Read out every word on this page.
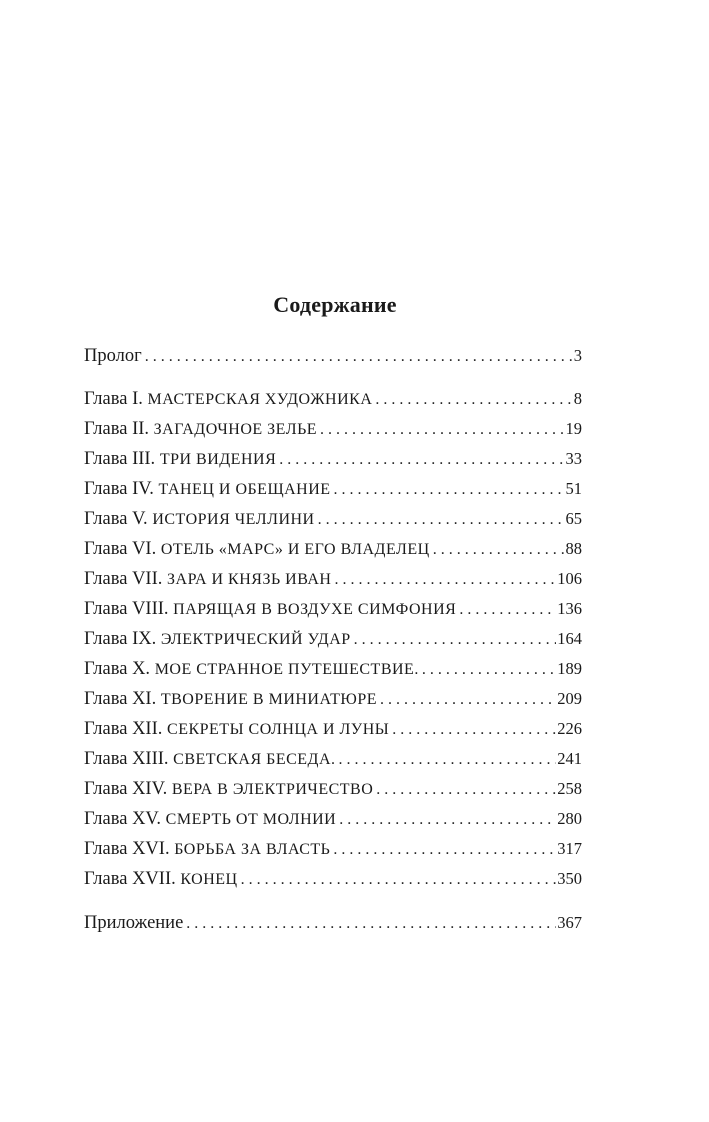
Содержание
Пролог . . .	3
Глава I. МАСТЕРСКАЯ ХУДОЖНИКА . . .	8
Глава II. ЗАГАДОЧНОЕ ЗЕЛЬЕ . . .	19
Глава III. ТРИ ВИДЕНИЯ . . .	33
Глава IV. ТАНЕЦ И ОБЕЩАНИЕ . . .	51
Глава V. ИСТОРИЯ ЧЕЛЛИНИ . . .	65
Глава VI. ОТЕЛЬ «МАРС» И ЕГО ВЛАДЕЛЕЦ . . .	88
Глава VII. ЗАРА И КНЯЗЬ ИВАН . . .	106
Глава VIII. ПАРЯЩАЯ В ВОЗДУХЕ СИМФОНИЯ . . .	136
Глава IX. ЭЛЕКТРИЧЕСКИЙ УДАР . . .	164
Глава X. МОЕ СТРАННОЕ ПУТЕШЕСТВИЕ. . . .	189
Глава XI. ТВОРЕНИЕ В МИНИАТЮРЕ . . .	209
Глава XII. СЕКРЕТЫ СОЛНЦА И ЛУНЫ . . .	226
Глава XIII. СВЕТСКАЯ БЕСЕДА. . . .	241
Глава XIV. ВЕРА В ЭЛЕКТРИЧЕСТВО . . .	258
Глава XV. СМЕРТЬ ОТ МОЛНИИ . . .	280
Глава XVI. БОРЬБА ЗА ВЛАСТЬ . . .	317
Глава XVII. КОНЕЦ . . .	350
Приложение . . .	367
